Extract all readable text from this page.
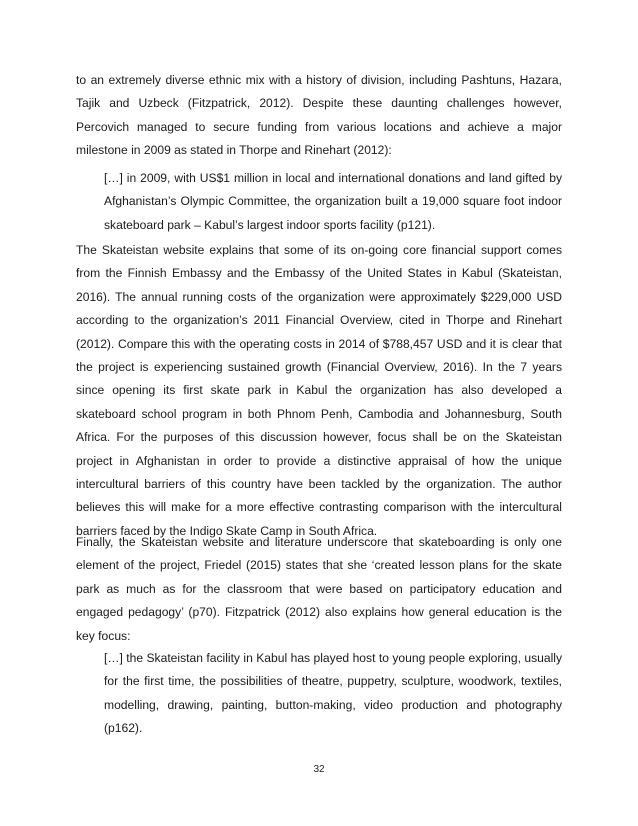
to an extremely diverse ethnic mix with a history of division, including Pashtuns, Hazara, Tajik and Uzbeck (Fitzpatrick, 2012). Despite these daunting challenges however, Percovich managed to secure funding from various locations and achieve a major milestone in 2009 as stated in Thorpe and Rinehart (2012):

[…] in 2009, with US$1 million in local and international donations and land gifted by Afghanistan’s Olympic Committee, the organization built a 19,000 square foot indoor skateboard park – Kabul’s largest indoor sports facility (p121).

The Skateistan website explains that some of its on-going core financial support comes from the Finnish Embassy and the Embassy of the United States in Kabul (Skateistan, 2016). The annual running costs of the organization were approximately $229,000 USD according to the organization’s 2011 Financial Overview, cited in Thorpe and Rinehart (2012). Compare this with the operating costs in 2014 of $788,457 USD and it is clear that the project is experiencing sustained growth (Financial Overview, 2016). In the 7 years since opening its first skate park in Kabul the organization has also developed a skateboard school program in both Phnom Penh, Cambodia and Johannesburg, South Africa. For the purposes of this discussion however, focus shall be on the Skateistan project in Afghanistan in order to provide a distinctive appraisal of how the unique intercultural barriers of this country have been tackled by the organization. The author believes this will make for a more effective contrasting comparison with the intercultural barriers faced by the Indigo Skate Camp in South Africa.

Finally, the Skateistan website and literature underscore that skateboarding is only one element of the project, Friedel (2015) states that she ‘created lesson plans for the skate park as much as for the classroom that were based on participatory education and engaged pedagogy’ (p70). Fitzpatrick (2012) also explains how general education is the key focus:

[…] the Skateistan facility in Kabul has played host to young people exploring, usually for the first time, the possibilities of theatre, puppetry, sculpture, woodwork, textiles, modelling, drawing, painting, button-making, video production and photography (p162).

32
